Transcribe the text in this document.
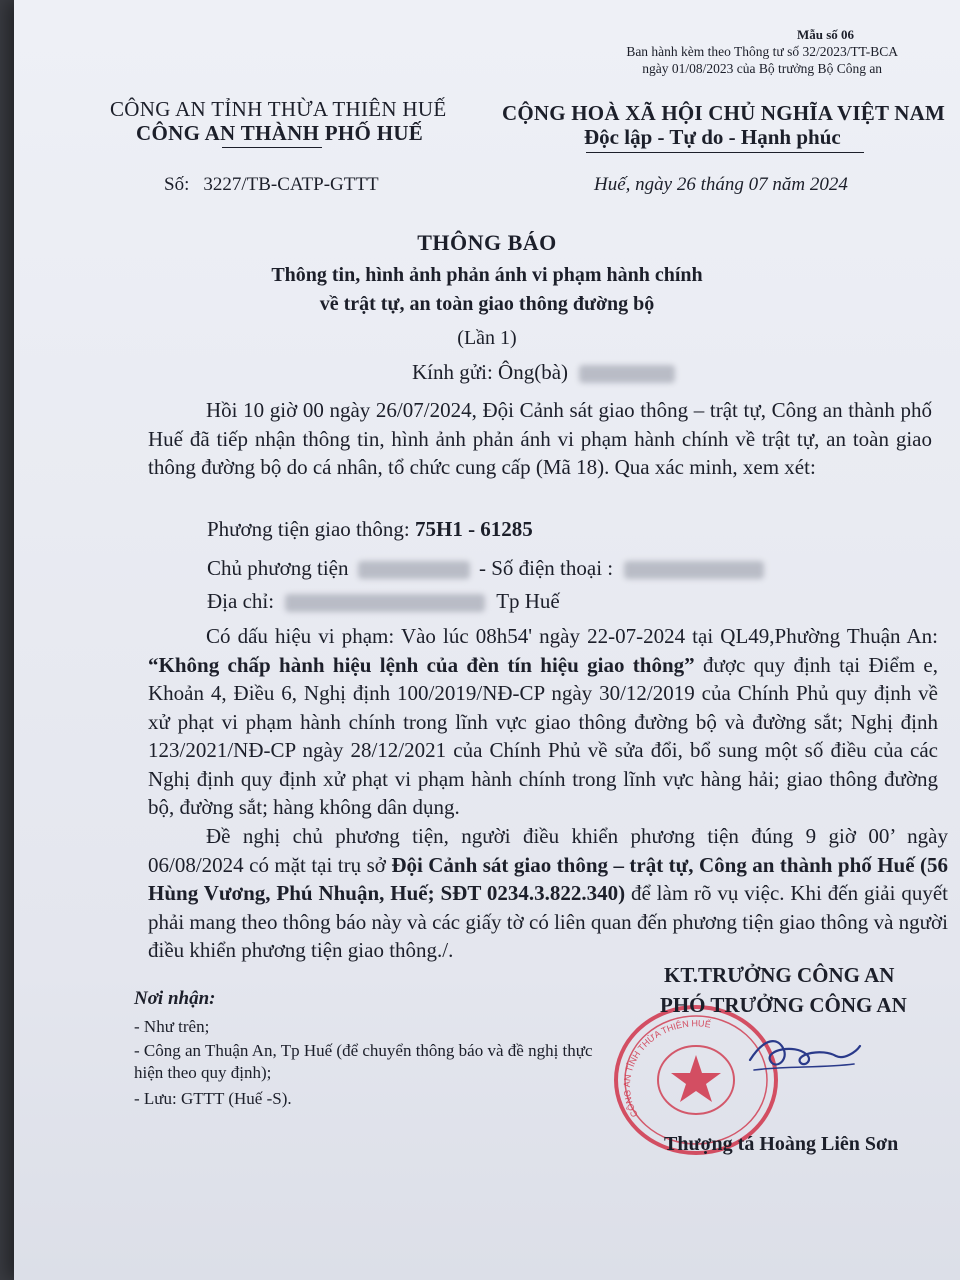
Mẫu số 06
Ban hành kèm theo Thông tư số 32/2023/TT-BCA
ngày 01/08/2023 của Bộ trưởng Bộ Công an
CÔNG AN TỈNH THỪA THIÊN HUẾ
CÔNG AN THÀNH PHỐ HUẾ
CỘNG HOÀ XÃ HỘI CHỦ NGHĨA VIỆT NAM
Độc lập - Tự do - Hạnh phúc
Số: 3227/TB-CATP-GTTT	Huế, ngày 26 tháng 07 năm 2024
THÔNG BÁO
Thông tin, hình ảnh phản ánh vi phạm hành chính
về trật tự, an toàn giao thông đường bộ
(Lần 1)
Kính gửi: Ông(bà)
Hồi 10 giờ 00 ngày 26/07/2024, Đội Cảnh sát giao thông – trật tự, Công an thành phố Huế đã tiếp nhận thông tin, hình ảnh phản ánh vi phạm hành chính về trật tự, an toàn giao thông đường bộ do cá nhân, tổ chức cung cấp (Mã 18). Qua xác minh, xem xét:
Phương tiện giao thông: 75H1 - 61285
Chủ phương tiện	- Số điện thoại :
Địa chỉ:	Tp Huế
Có dấu hiệu vi phạm: Vào lúc 08h54' ngày 22-07-2024 tại QL49,Phường Thuận An: “Không chấp hành hiệu lệnh của đèn tín hiệu giao thông” được quy định tại Điểm e, Khoản 4, Điều 6, Nghị định 100/2019/NĐ-CP ngày 30/12/2019 của Chính Phủ quy định về xử phạt vi phạm hành chính trong lĩnh vực giao thông đường bộ và đường sắt; Nghị định 123/2021/NĐ-CP ngày 28/12/2021 của Chính Phủ về sửa đổi, bổ sung một số điều của các Nghị định quy định xử phạt vi phạm hành chính trong lĩnh vực hàng hải; giao thông đường bộ, đường sắt; hàng không dân dụng.
Đề nghị chủ phương tiện, người điều khiển phương tiện đúng 9 giờ 00’ ngày 06/08/2024 có mặt tại trụ sở Đội Cảnh sát giao thông – trật tự, Công an thành phố Huế (56 Hùng Vương, Phú Nhuận, Huế; SĐT 0234.3.822.340) để làm rõ vụ việc. Khi đến giải quyết phải mang theo thông báo này và các giấy tờ có liên quan đến phương tiện giao thông và người điều khiển phương tiện giao thông./.
Nơi nhận:
- Như trên;
- Công an Thuận An, Tp Huế (để chuyển thông báo và đề nghị thực hiện theo quy định);
- Lưu: GTTT (Huế -S).
CÔNG AN TỈNH THỪA THIÊN HUẾ
KT.TRƯỞNG CÔNG AN
PHÓ TRƯỞNG CÔNG AN
Thượng tá Hoàng Liên Sơn
